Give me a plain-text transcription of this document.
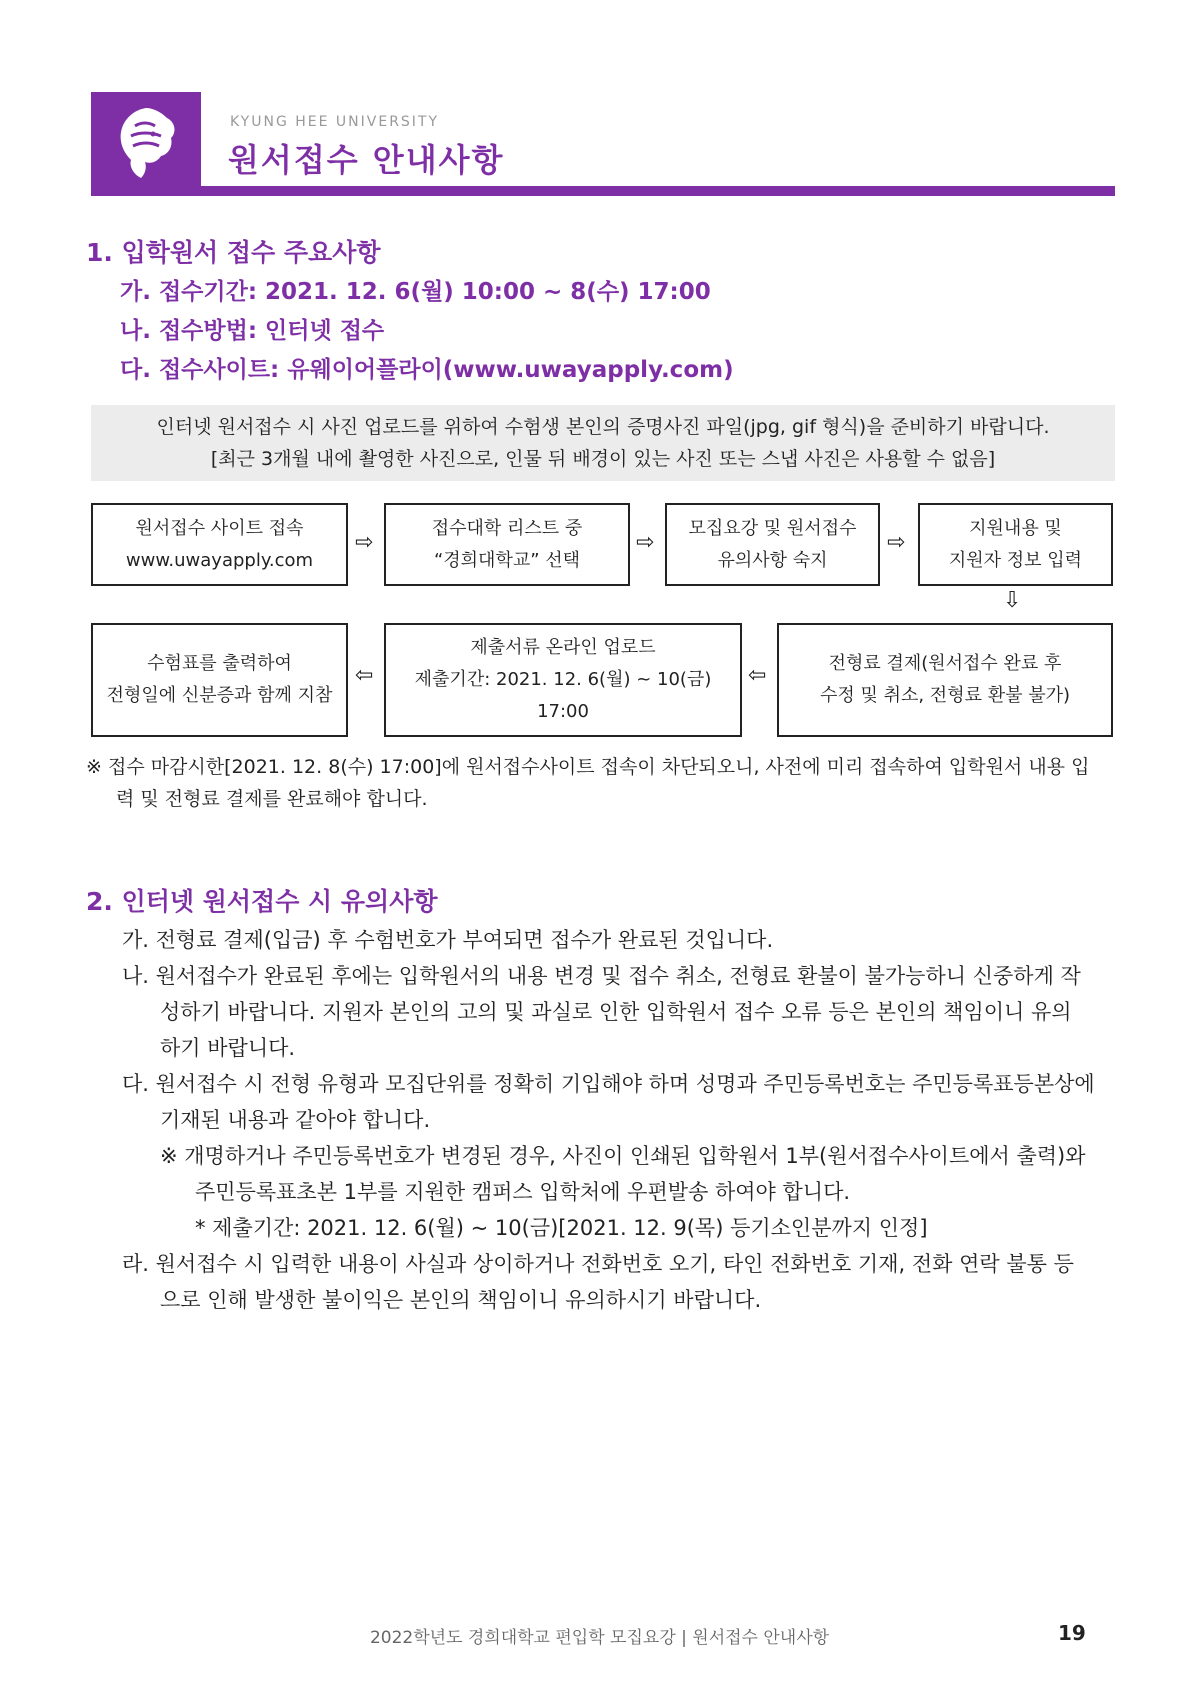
KYUNG HEE UNIVERSITY
원서접수 안내사항
1. 입학원서 접수 주요사항
가. 접수기간: 2021. 12. 6(월) 10:00 ~ 8(수) 17:00
나. 접수방법: 인터넷 접수
다. 접수사이트: 유웨이어플라이(www.uwayapply.com)
인터넷 원서접수 시 사진 업로드를 위하여 수험생 본인의 증명사진 파일(jpg, gif 형식)을 준비하기 바랍니다.
[최근 3개월 내에 촬영한 사진으로, 인물 뒤 배경이 있는 사진 또는 스냅 사진은 사용할 수 없음]
원서접수 사이트 접속
www.uwayapply.com
⇨
접수대학 리스트 중
“경희대학교” 선택
⇨
모집요강 및 원서접수
유의사항 숙지
⇨
지원내용 및
지원자 정보 입력
⇩
전형료 결제(원서접수 완료 후
수정 및 취소, 전형료 환불 불가)
⇦
제출서류 온라인 업로드
제출기간: 2021. 12. 6(월) ~ 10(금) 17:00
⇦
수험표를 출력하여
전형일에 신분증과 함께 지참
※ 접수 마감시한[2021. 12. 8(수) 17:00]에 원서접수사이트 접속이 차단되오니, 사전에 미리 접속하여 입학원서 내용 입
력 및 전형료 결제를 완료해야 합니다.
2. 인터넷 원서접수 시 유의사항
가. 전형료 결제(입금) 후 수험번호가 부여되면 접수가 완료된 것입니다.
나. 원서접수가 완료된 후에는 입학원서의 내용 변경 및 접수 취소, 전형료 환불이 불가능하니 신중하게 작
성하기 바랍니다. 지원자 본인의 고의 및 과실로 인한 입학원서 접수 오류 등은 본인의 책임이니 유의
하기 바랍니다.
다. 원서접수 시 전형 유형과 모집단위를 정확히 기입해야 하며 성명과 주민등록번호는 주민등록표등본상에
기재된 내용과 같아야 합니다.
※ 개명하거나 주민등록번호가 변경된 경우, 사진이 인쇄된 입학원서 1부(원서접수사이트에서 출력)와
주민등록표초본 1부를 지원한 캠퍼스 입학처에 우편발송 하여야 합니다.
* 제출기간: 2021. 12. 6(월) ~ 10(금)[2021. 12. 9(목) 등기소인분까지 인정]
라. 원서접수 시 입력한 내용이 사실과 상이하거나 전화번호 오기, 타인 전화번호 기재, 전화 연락 불통 등
으로 인해 발생한 불이익은 본인의 책임이니 유의하시기 바랍니다.
2022학년도 경희대학교 편입학 모집요강 | 원서접수 안내사항	19
